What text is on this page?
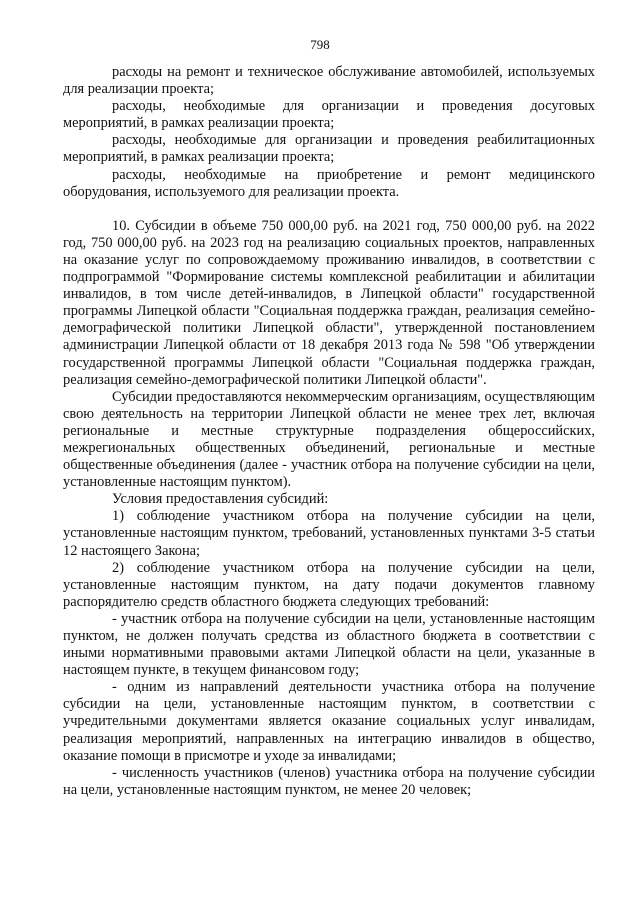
798

расходы на ремонт и техническое обслуживание автомобилей, используемых для реализации проекта;

расходы, необходимые для организации и проведения досуговых мероприятий, в рамках реализации проекта;

расходы, необходимые для организации и проведения реабилитационных мероприятий, в рамках реализации проекта;

расходы, необходимые на приобретение и ремонт медицинского оборудования, используемого для реализации проекта.

10. Субсидии в объеме 750 000,00 руб. на 2021 год, 750 000,00 руб. на 2022 год, 750 000,00 руб. на 2023 год на реализацию социальных проектов, направленных на оказание услуг по сопровождаемому проживанию инвалидов, в соответствии с подпрограммой "Формирование системы комплексной реабилитации и абилитации инвалидов, в том числе детей-инвалидов, в Липецкой области" государственной программы Липецкой области "Социальная поддержка граждан, реализация семейно-демографической политики Липецкой области", утвержденной постановлением администрации Липецкой области от 18 декабря 2013 года № 598 "Об утверждении государственной программы Липецкой области "Социальная поддержка граждан, реализация семейно-демографической политики Липецкой области".

Субсидии предоставляются некоммерческим организациям, осуществляющим свою деятельность на территории Липецкой области не менее трех лет, включая региональные и местные структурные подразделения общероссийских, межрегиональных общественных объединений, региональные и местные общественные объединения (далее - участник отбора на получение субсидии на цели, установленные настоящим пунктом).

Условия предоставления субсидий:

1) соблюдение участником отбора на получение субсидии на цели, установленные настоящим пунктом, требований, установленных пунктами 3-5 статьи 12 настоящего Закона;

2) соблюдение участником отбора на получение субсидии на цели, установленные настоящим пунктом, на дату подачи документов главному распорядителю средств областного бюджета следующих требований:

- участник отбора на получение субсидии на цели, установленные настоящим пунктом, не должен получать средства из областного бюджета в соответствии с иными нормативными правовыми актами Липецкой области на цели, указанные в настоящем пункте, в текущем финансовом году;

- одним из направлений деятельности участника отбора на получение субсидии на цели, установленные настоящим пунктом, в соответствии с учредительными документами является оказание социальных услуг инвалидам, реализация мероприятий, направленных на интеграцию инвалидов в общество, оказание помощи в присмотре и уходе за инвалидами;

- численность участников (членов) участника отбора на получение субсидии на цели, установленные настоящим пунктом, не менее 20 человек;
